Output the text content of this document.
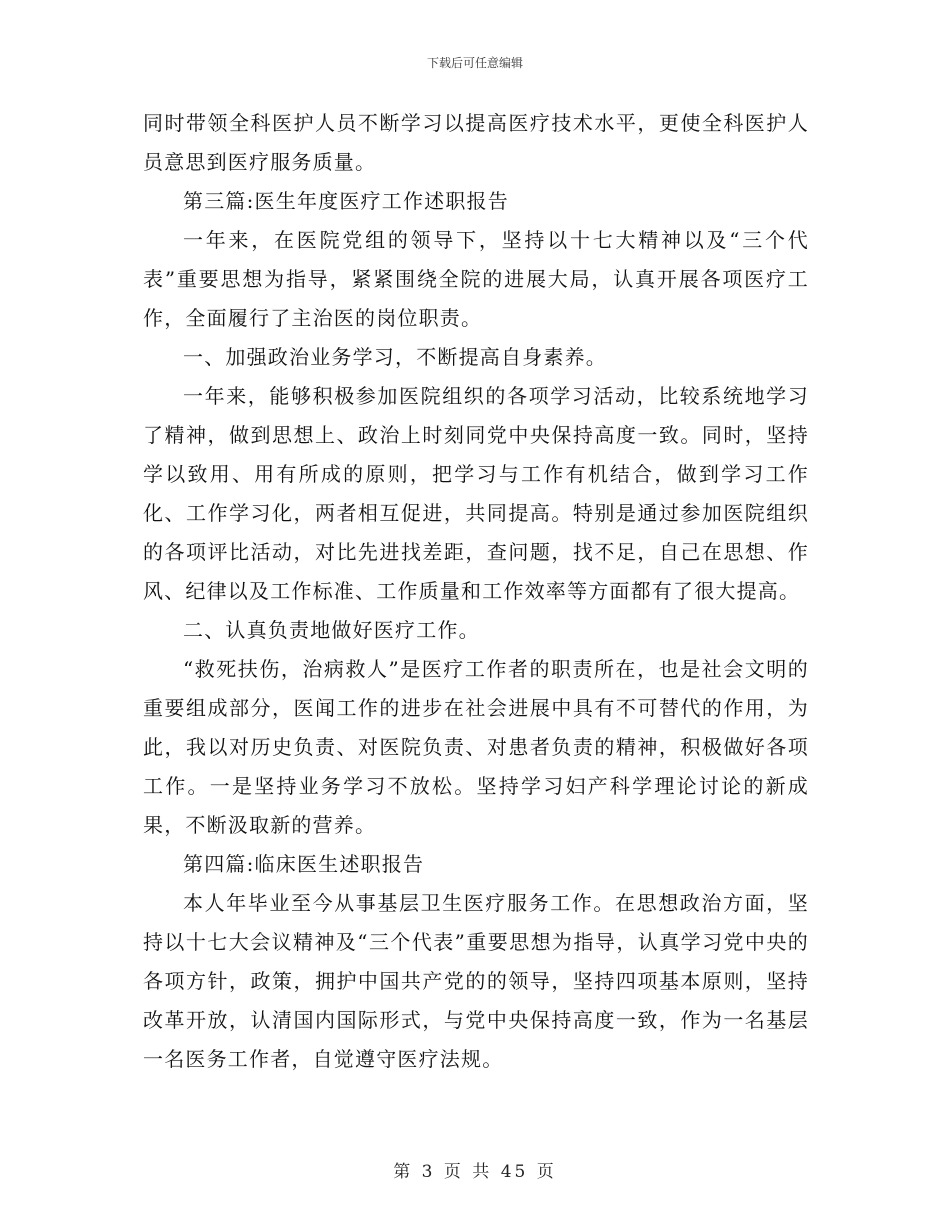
下载后可任意编辑

同时带领全科医护人员不断学习以提高医疗技术水平，更使全科医护人员意思到医疗服务质量。

第三篇:医生年度医疗工作述职报告

一年来，在医院党组的领导下，坚持以十七大精神以及“三个代表”重要思想为指导，紧紧围绕全院的进展大局，认真开展各项医疗工作，全面履行了主治医的岗位职责。

一、加强政治业务学习，不断提高自身素养。

一年来，能够积极参加医院组织的各项学习活动，比较系统地学习了精神，做到思想上、政治上时刻同党中央保持高度一致。同时，坚持学以致用、用有所成的原则，把学习与工作有机结合，做到学习工作化、工作学习化，两者相互促进，共同提高。特别是通过参加医院组织的各项评比活动，对比先进找差距，查问题，找不足，自己在思想、作风、纪律以及工作标准、工作质量和工作效率等方面都有了很大提高。

二、认真负责地做好医疗工作。

“救死扶伤，治病救人”是医疗工作者的职责所在，也是社会文明的重要组成部分，医闻工作的进步在社会进展中具有不可替代的作用，为此，我以对历史负责、对医院负责、对患者负责的精神，积极做好各项工作。一是坚持业务学习不放松。坚持学习妇产科学理论讨论的新成果，不断汲取新的营养。

第四篇:临床医生述职报告

本人年毕业至今从事基层卫生医疗服务工作。在思想政治方面，坚持以十七大会议精神及“三个代表”重要思想为指导，认真学习党中央的各项方针，政策，拥护中国共产党的的领导，坚持四项基本原则，坚持改革开放，认清国内国际形式，与党中央保持高度一致，作为一名基层一名医务工作者，自觉遵守医疗法规。

第 3 页 共 45 页
